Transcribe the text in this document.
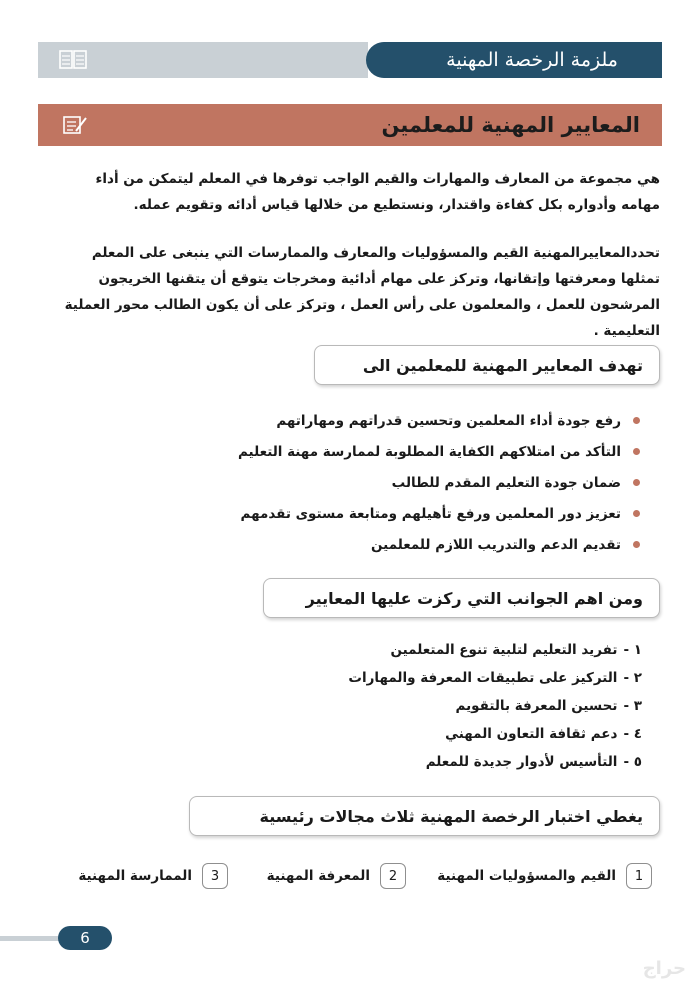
ملزمة الرخصة المهنية
المعايير المهنية للمعلمين
هي مجموعة من المعارف والمهارات والقيم الواجب توفرها في المعلم ليتمكن من أداء مهامه وأدواره بكل كفاءة واقتدار، ونستطيع من خلالها قياس أدائه وتقويم عمله.
تحددالمعاييرالمهنية القيم والمسؤوليات والمعارف والممارسات التي ينبغى على المعلم تمثلها ومعرفتها وإتقانها، وتركز على مهام أدائية ومخرجات يتوقع أن يتقنها الخريجون المرشحون للعمل ، والمعلمون على رأس العمل ، وتركز على أن يكون الطالب محور العملية التعليمية .
تهدف المعايير المهنية للمعلمين الى
رفع جودة أداء المعلمين وتحسين قدراتهم ومهاراتهم
التأكد من امتلاكهم الكفاية المطلوبة لممارسة مهنة التعليم
ضمان جودة التعليم المقدم للطالب
تعزيز دور المعلمين ورفع تأهيلهم ومتابعة مستوى تقدمهم
تقديم الدعم والتدريب اللازم للمعلمين
ومن اهم الجوانب التي ركزت عليها المعايير
١ -
تفريد التعليم لتلبية تنوع المتعلمين
٢ -
التركيز على تطبيقات المعرفة والمهارات
٣ -
تحسين المعرفة بالتقويم
٤ -
دعم ثقافة التعاون المهني
٥ -
التأسيس لأدوار جديدة للمعلم
يغطي اختبار الرخصة المهنية ثلاث مجالات رئيسية
1
القيم والمسؤوليات المهنية
2
المعرفة المهنية
3
الممارسة المهنية
6
حراج
